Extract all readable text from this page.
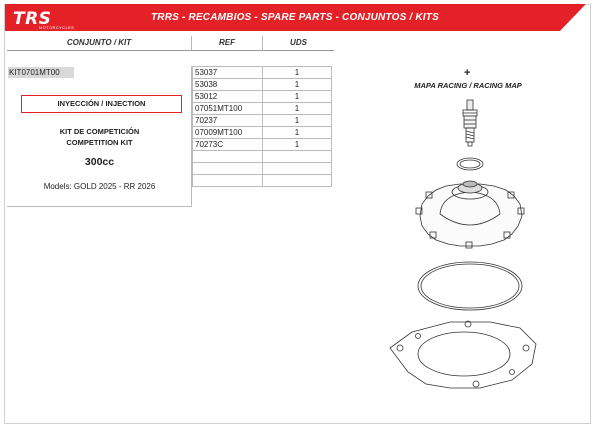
TRS
MOTORCYCLES
TRRS - RECAMBIOS - SPARE PARTS - CONJUNTOS / KITS
CONJUNTO / KIT	REF	UDS
KIT0701MT00
INYECCIÓN / INJECTION
KIT DE COMPETICIÓN
COMPETITION KIT
300cc
Models: GOLD 2025 - RR 2026
53037	1
53038	1
53012	1
07051MT100	1
70237	1
07009MT100	1
70273C	1

+
MAPA RACING / RACING MAP
